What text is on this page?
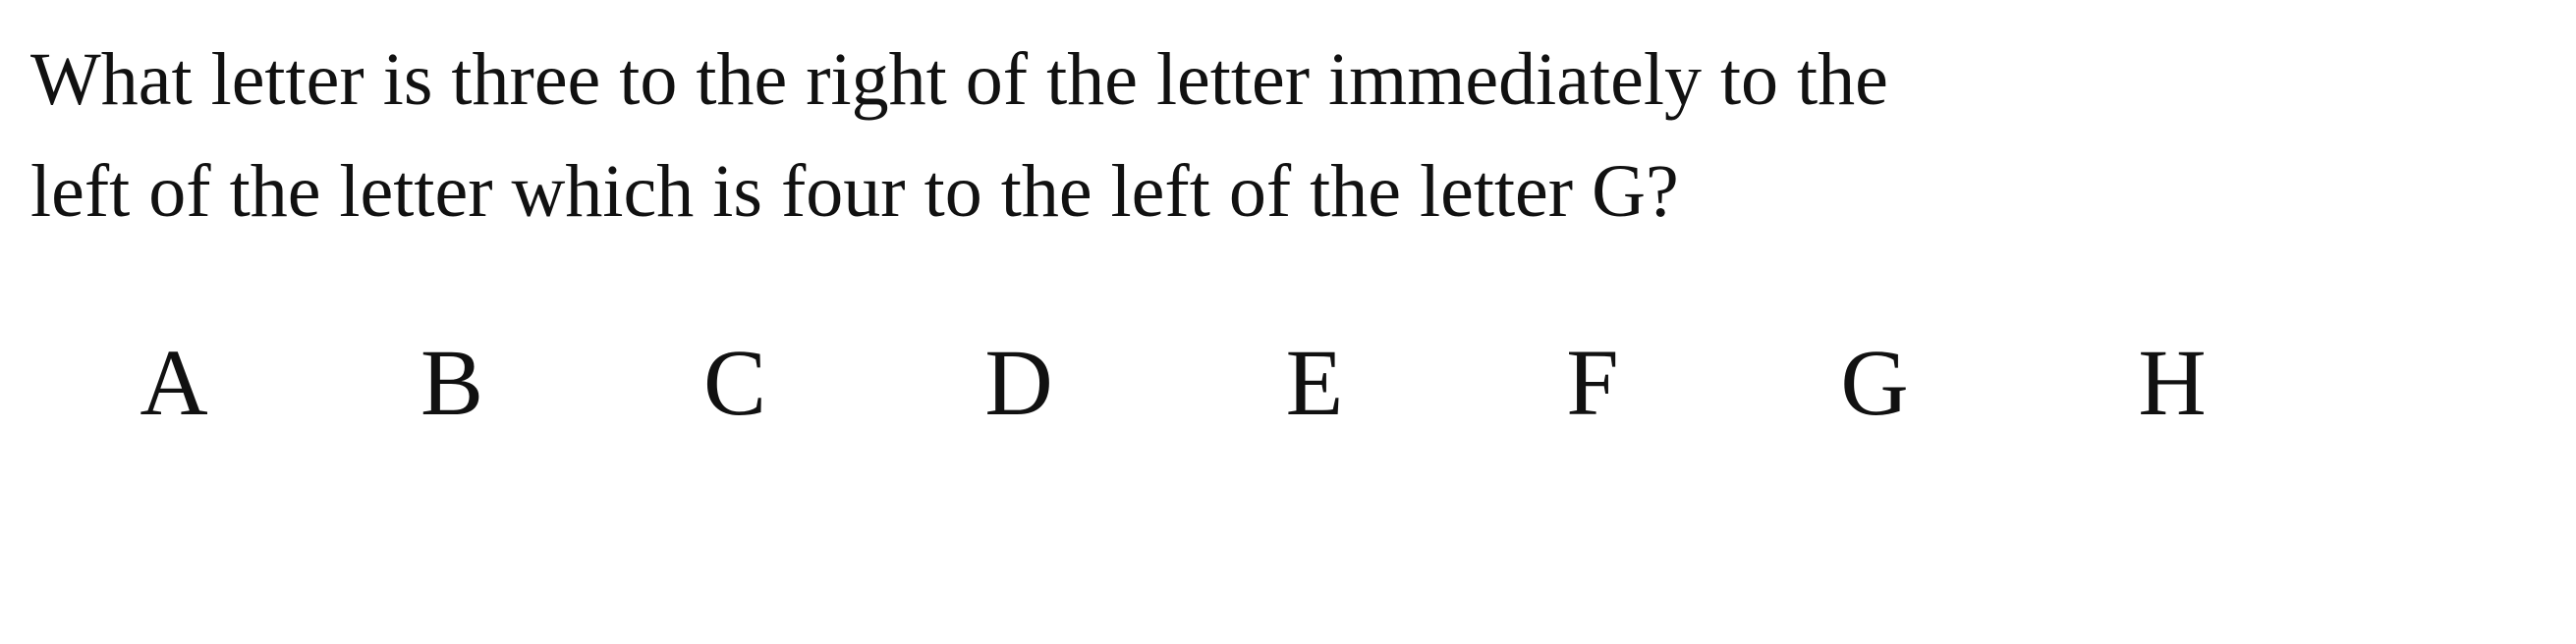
What letter is three to the right of the letter immediately to the
left of the letter which is four to the left of the letter G?

A B C D	E	F	G H
